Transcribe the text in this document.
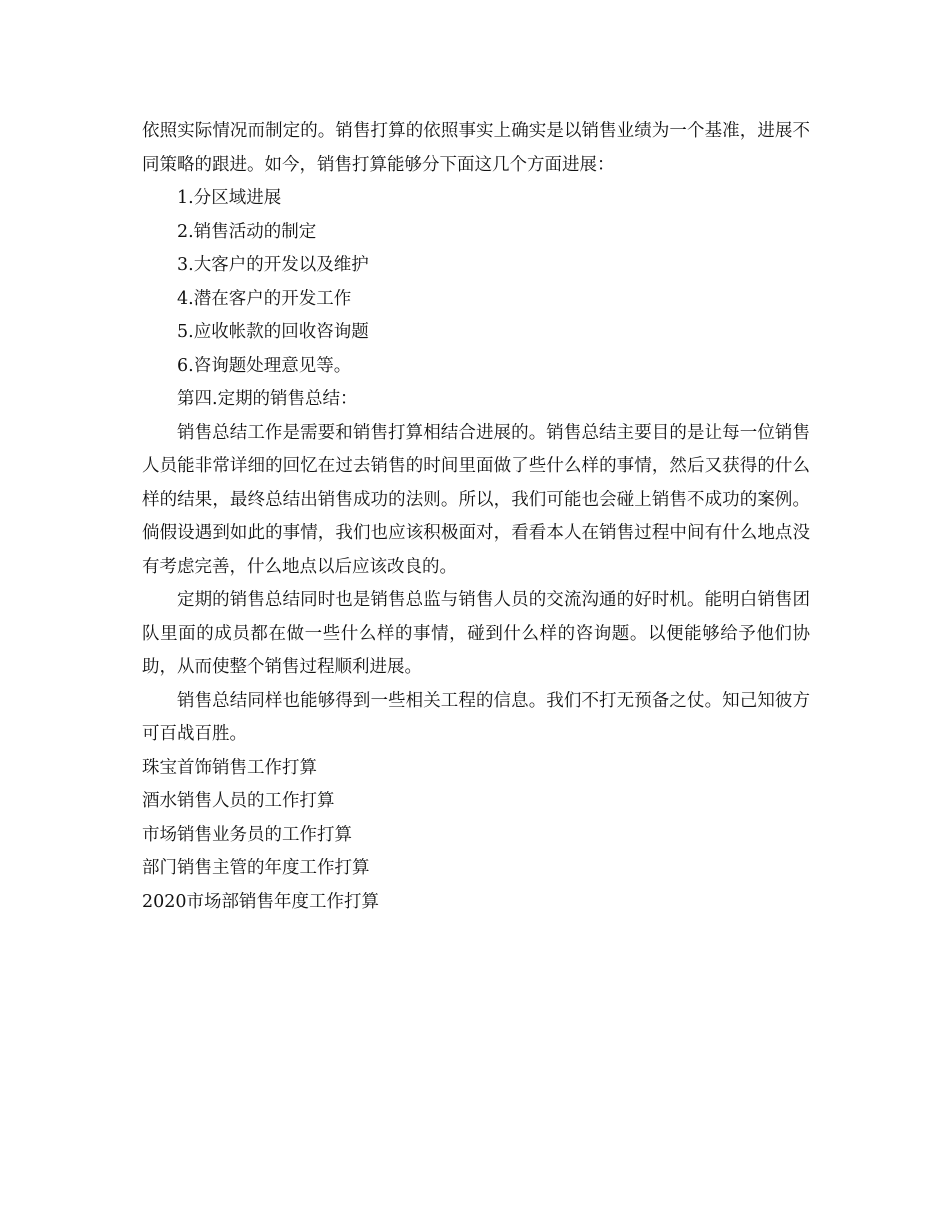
依照实际情况而制定的。销售打算的依照事实上确实是以销售业绩为一个基准，进展不同策略的跟进。如今，销售打算能够分下面这几个方面进展：

1.分区域进展

2.销售活动的制定

3.大客户的开发以及维护

4.潜在客户的开发工作

5.应收帐款的回收咨询题

6.咨询题处理意见等。

第四.定期的销售总结：

销售总结工作是需要和销售打算相结合进展的。销售总结主要目的是让每一位销售人员能非常详细的回忆在过去销售的时间里面做了些什么样的事情，然后又获得的什么样的结果，最终总结出销售成功的法则。所以，我们可能也会碰上销售不成功的案例。倘假设遇到如此的事情，我们也应该积极面对，看看本人在销售过程中间有什么地点没有考虑完善，什么地点以后应该改良的。

定期的销售总结同时也是销售总监与销售人员的交流沟通的好时机。能明白销售团队里面的成员都在做一些什么样的事情，碰到什么样的咨询题。以便能够给予他们协助，从而使整个销售过程顺利进展。

销售总结同样也能够得到一些相关工程的信息。我们不打无预备之仗。知己知彼方可百战百胜。

珠宝首饰销售工作打算

酒水销售人员的工作打算

市场销售业务员的工作打算

部门销售主管的年度工作打算

2020市场部销售年度工作打算
